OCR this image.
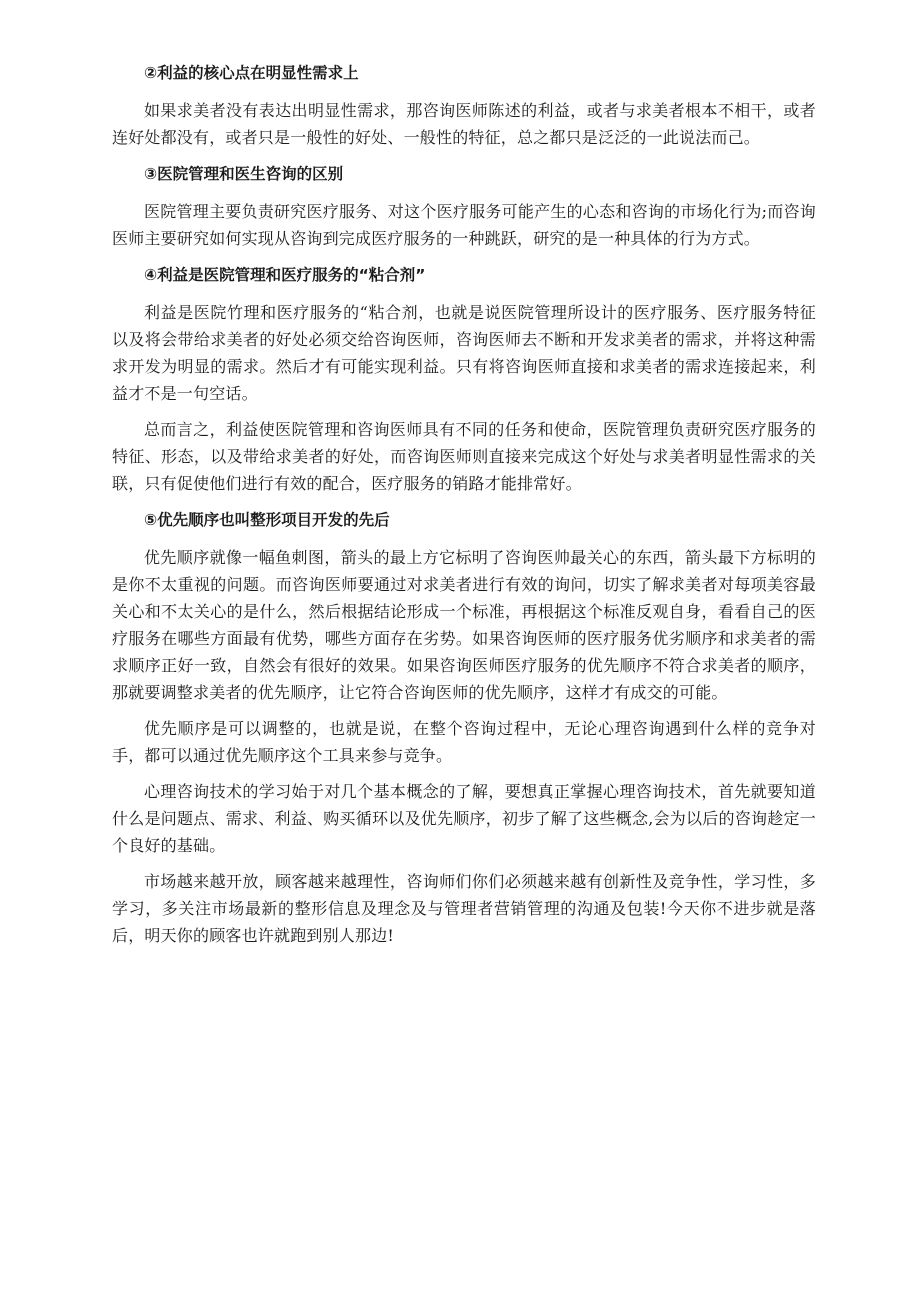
②利益的核心点在明显性需求上

如果求美者没有表达出明显性需求，那咨询医师陈述的利益，或者与求美者根本不相干，或者连好处都没有，或者只是一般性的好处、一般性的特征，总之都只是泛泛的一此说法而己。

③医院管理和医生咨询的区别

医院管理主要负责研究医疗服务、对这个医疗服务可能产生的心态和咨询的市场化行为;而咨询医师主要研究如何实现从咨询到完成医疗服务的一种跳跃，研究的是一种具体的行为方式。

④利益是医院管理和医疗服务的“粘合剂”

利益是医院竹理和医疗服务的“粘合剂，也就是说医院管理所设计的医疗服务、医疗服务特征以及将会带给求美者的好处必须交给咨询医师，咨询医师去不断和开发求美者的需求，并将这种需求开发为明显的需求。然后才有可能实现利益。只有将咨询医师直接和求美者的需求连接起来，利益才不是一句空话。

总而言之，利益使医院管理和咨询医师具有不同的任务和使命，医院管理负责研究医疗服务的特征、形态，以及带给求美者的好处，而咨询医师则直接来完成这个好处与求美者明显性需求的关联，只有促使他们进行有效的配合，医疗服务的销路才能排常好。

⑤优先顺序也叫整形项目开发的先后

优先顺序就像一幅鱼刺图，箭头的最上方它标明了咨询医帅最关心的东西，箭头最下方标明的是你不太重视的问题。而咨询医师要通过对求美者进行有效的询问，切实了解求美者对每项美容最关心和不太关心的是什么，然后根据结论形成一个标准，再根据这个标准反观自身，看看自己的医疗服务在哪些方面最有优势，哪些方面存在劣势。如果咨询医师的医疗服务优劣顺序和求美者的需求顺序正好一致，自然会有很好的效果。如果咨询医师医疗服务的优先顺序不符合求美者的顺序，那就要调整求美者的优先顺序，让它符合咨询医师的优先顺序，这样才有成交的可能。

优先顺序是可以调整的，也就是说，在整个咨询过程中，无论心理咨询遇到什么样的竞争对手，都可以通过优先顺序这个工具来参与竞争。

心理咨询技术的学习始于对几个基本概念的了解，要想真正掌握心理咨询技术，首先就要知道什么是问题点、需求、利益、购买循环以及优先顺序，初步了解了这些概念,会为以后的咨询趁定一个良好的基础。

市场越来越开放，顾客越来越理性，咨询师们你们必须越来越有创新性及竞争性，学习性，多学习，多关注市场最新的整形信息及理念及与管理者营销管理的沟通及包装!今天你不进步就是落后，明天你的顾客也许就跑到别人那边!
